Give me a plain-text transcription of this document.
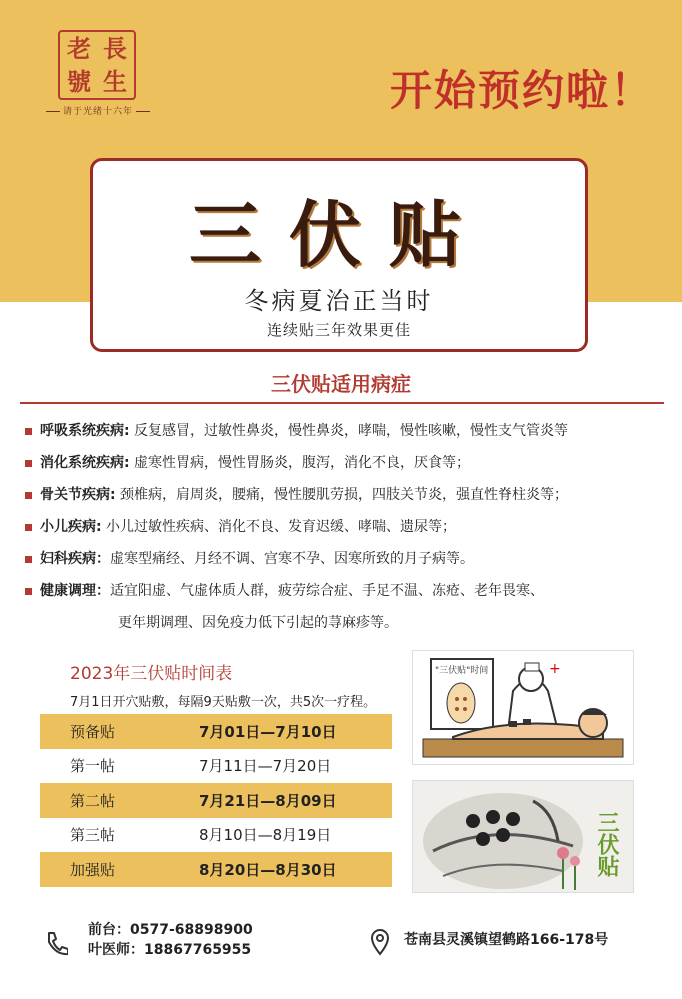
老 長
號 生
请于光绪十六年	开始预约啦！
三伏贴
冬病夏治正当时
连续贴三年效果更佳
三伏贴适用病症
呼吸系统疾病: 反复感冒，过敏性鼻炎，慢性鼻炎，哮喘，慢性咳嗽，慢性支气管炎等
消化系统疾病: 虚寒性胃病，慢性胃肠炎，腹泻，消化不良，厌食等；
骨关节疾病: 颈椎病，肩周炎，腰痛，慢性腰肌劳损，四肢关节炎，强直性脊柱炎等；
小儿疾病: 小儿过敏性疾病、消化不良、发育迟缓、哮喘、遗尿等；
妇科疾病：虚寒型痛经、月经不调、宫寒不孕、因寒所致的月子病等。
健康调理：适宜阳虚、气虚体质人群，疲劳综合症、手足不温、冻疮、老年畏寒、
更年期调理、因免疫力低下引起的荨麻疹等。
2023年三伏贴时间表
7月1日开穴贴敷，每隔9天贴敷一次，共5次一疗程。
预备贴	7月01日—7月10日
第一帖	7月11日—7月20日
第二帖	7月21日—8月09日
第三帖	8月10日—8月19日
加强贴	8月20日—8月30日
"三伏贴"时间	+
三伏贴
前台：0577-68898900
叶医师：18867765955
苍南县灵溪镇望鹤路166-178号
